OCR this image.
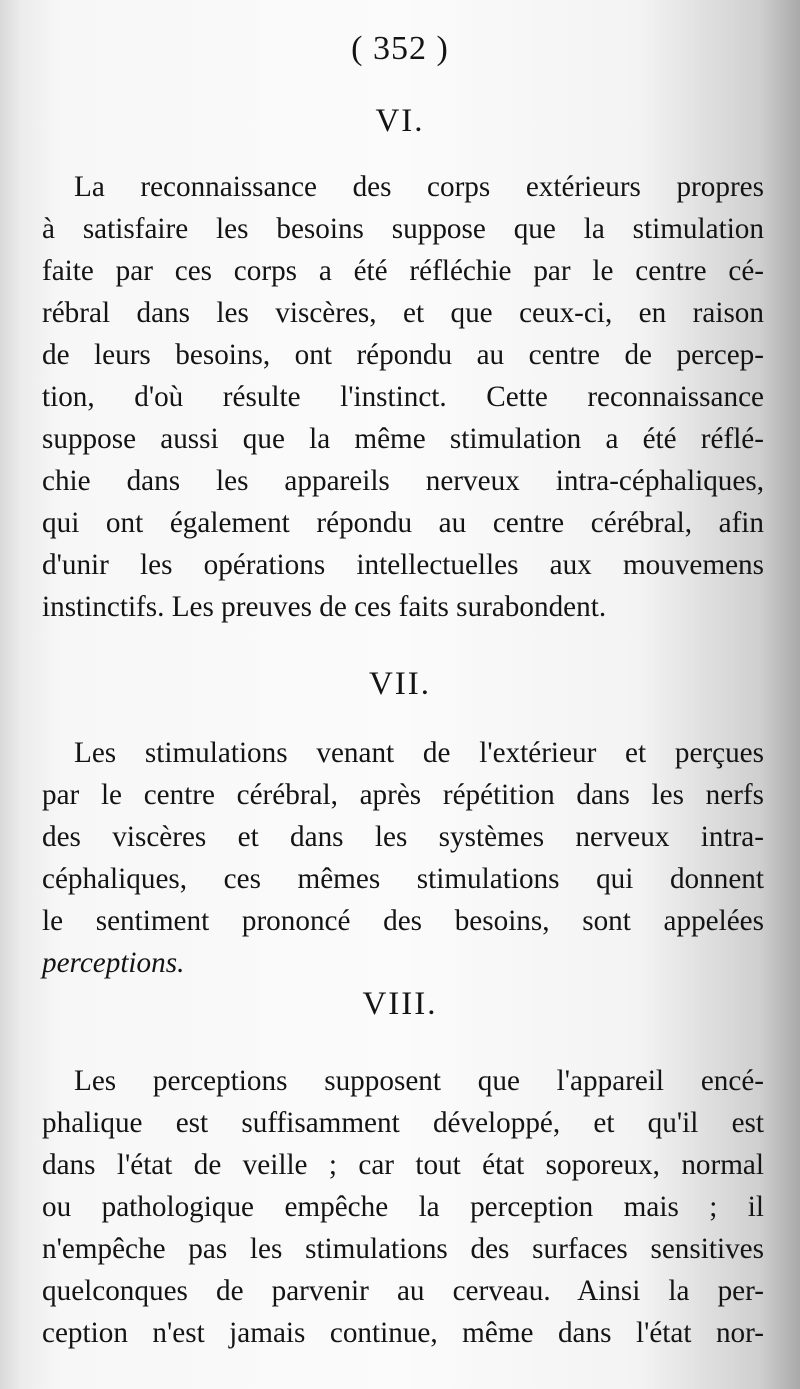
( 352 )
VI.
La reconnaissance des corps extérieurs propres
à satisfaire les besoins suppose que la stimulation
faite par ces corps a été réfléchie par le centre cé-
rébral dans les viscères, et que ceux-ci, en raison
de leurs besoins, ont répondu au centre de percep-
tion, d'où résulte l'instinct. Cette reconnaissance
suppose aussi que la même stimulation a été réflé-
chie dans les appareils nerveux intra-céphaliques,
qui ont également répondu au centre cérébral, afin
d'unir les opérations intellectuelles aux mouvemens
instinctifs. Les preuves de ces faits surabondent.
VII.
Les stimulations venant de l'extérieur et perçues
par le centre cérébral, après répétition dans les nerfs
des viscères et dans les systèmes nerveux intra-
céphaliques, ces mêmes stimulations qui donnent
le sentiment prononcé des besoins, sont appelées
perceptions.
VIII.
Les perceptions supposent que l'appareil encé-
phalique est suffisamment développé, et qu'il est
dans l'état de veille ; car tout état soporeux, normal
ou pathologique empêche la perception mais ; il
n'empêche pas les stimulations des surfaces sensitives
quelconques de parvenir au cerveau. Ainsi la per-
ception n'est jamais continue, même dans l'état nor-
